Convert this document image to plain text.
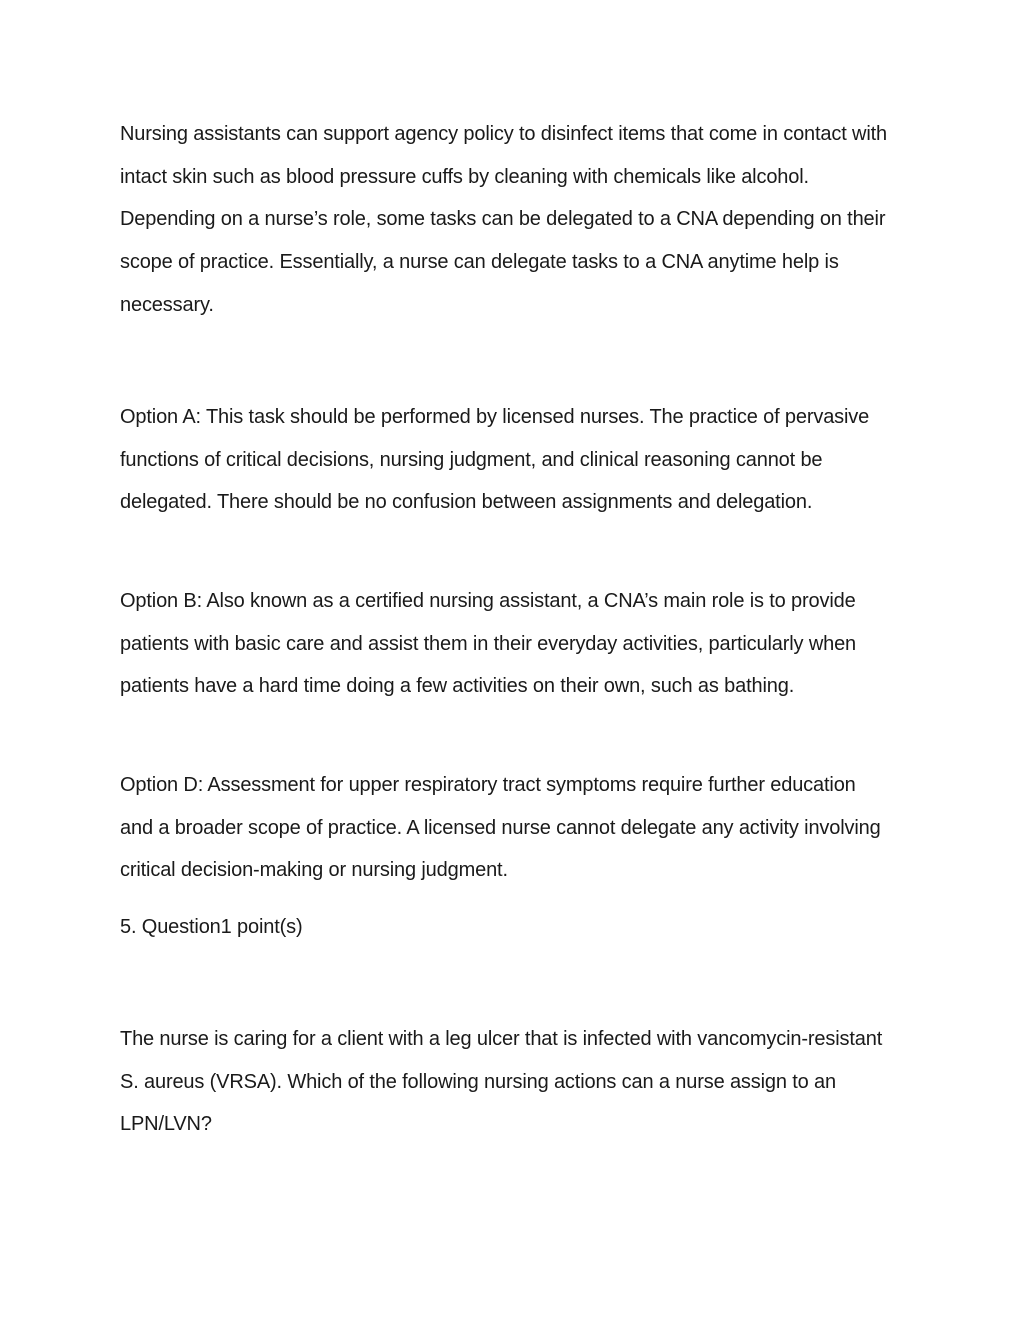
Nursing assistants can support agency policy to disinfect items that come in contact with intact skin such as blood pressure cuffs by cleaning with chemicals like alcohol. Depending on a nurse’s role, some tasks can be delegated to a CNA depending on their scope of practice. Essentially, a nurse can delegate tasks to a CNA anytime help is necessary.

Option A: This task should be performed by licensed nurses. The practice of pervasive functions of critical decisions, nursing judgment, and clinical reasoning cannot be delegated. There should be no confusion between assignments and delegation.

Option B: Also known as a certified nursing assistant, a CNA’s main role is to provide patients with basic care and assist them in their everyday activities, particularly when patients have a hard time doing a few activities on their own, such as bathing.

Option D: Assessment for upper respiratory tract symptoms require further education and a broader scope of practice. A licensed nurse cannot delegate any activity involving critical decision-making or nursing judgment.

5. Question1 point(s)

The nurse is caring for a client with a leg ulcer that is infected with vancomycin-resistant S. aureus (VRSA). Which of the following nursing actions can a nurse assign to an LPN/LVN?
